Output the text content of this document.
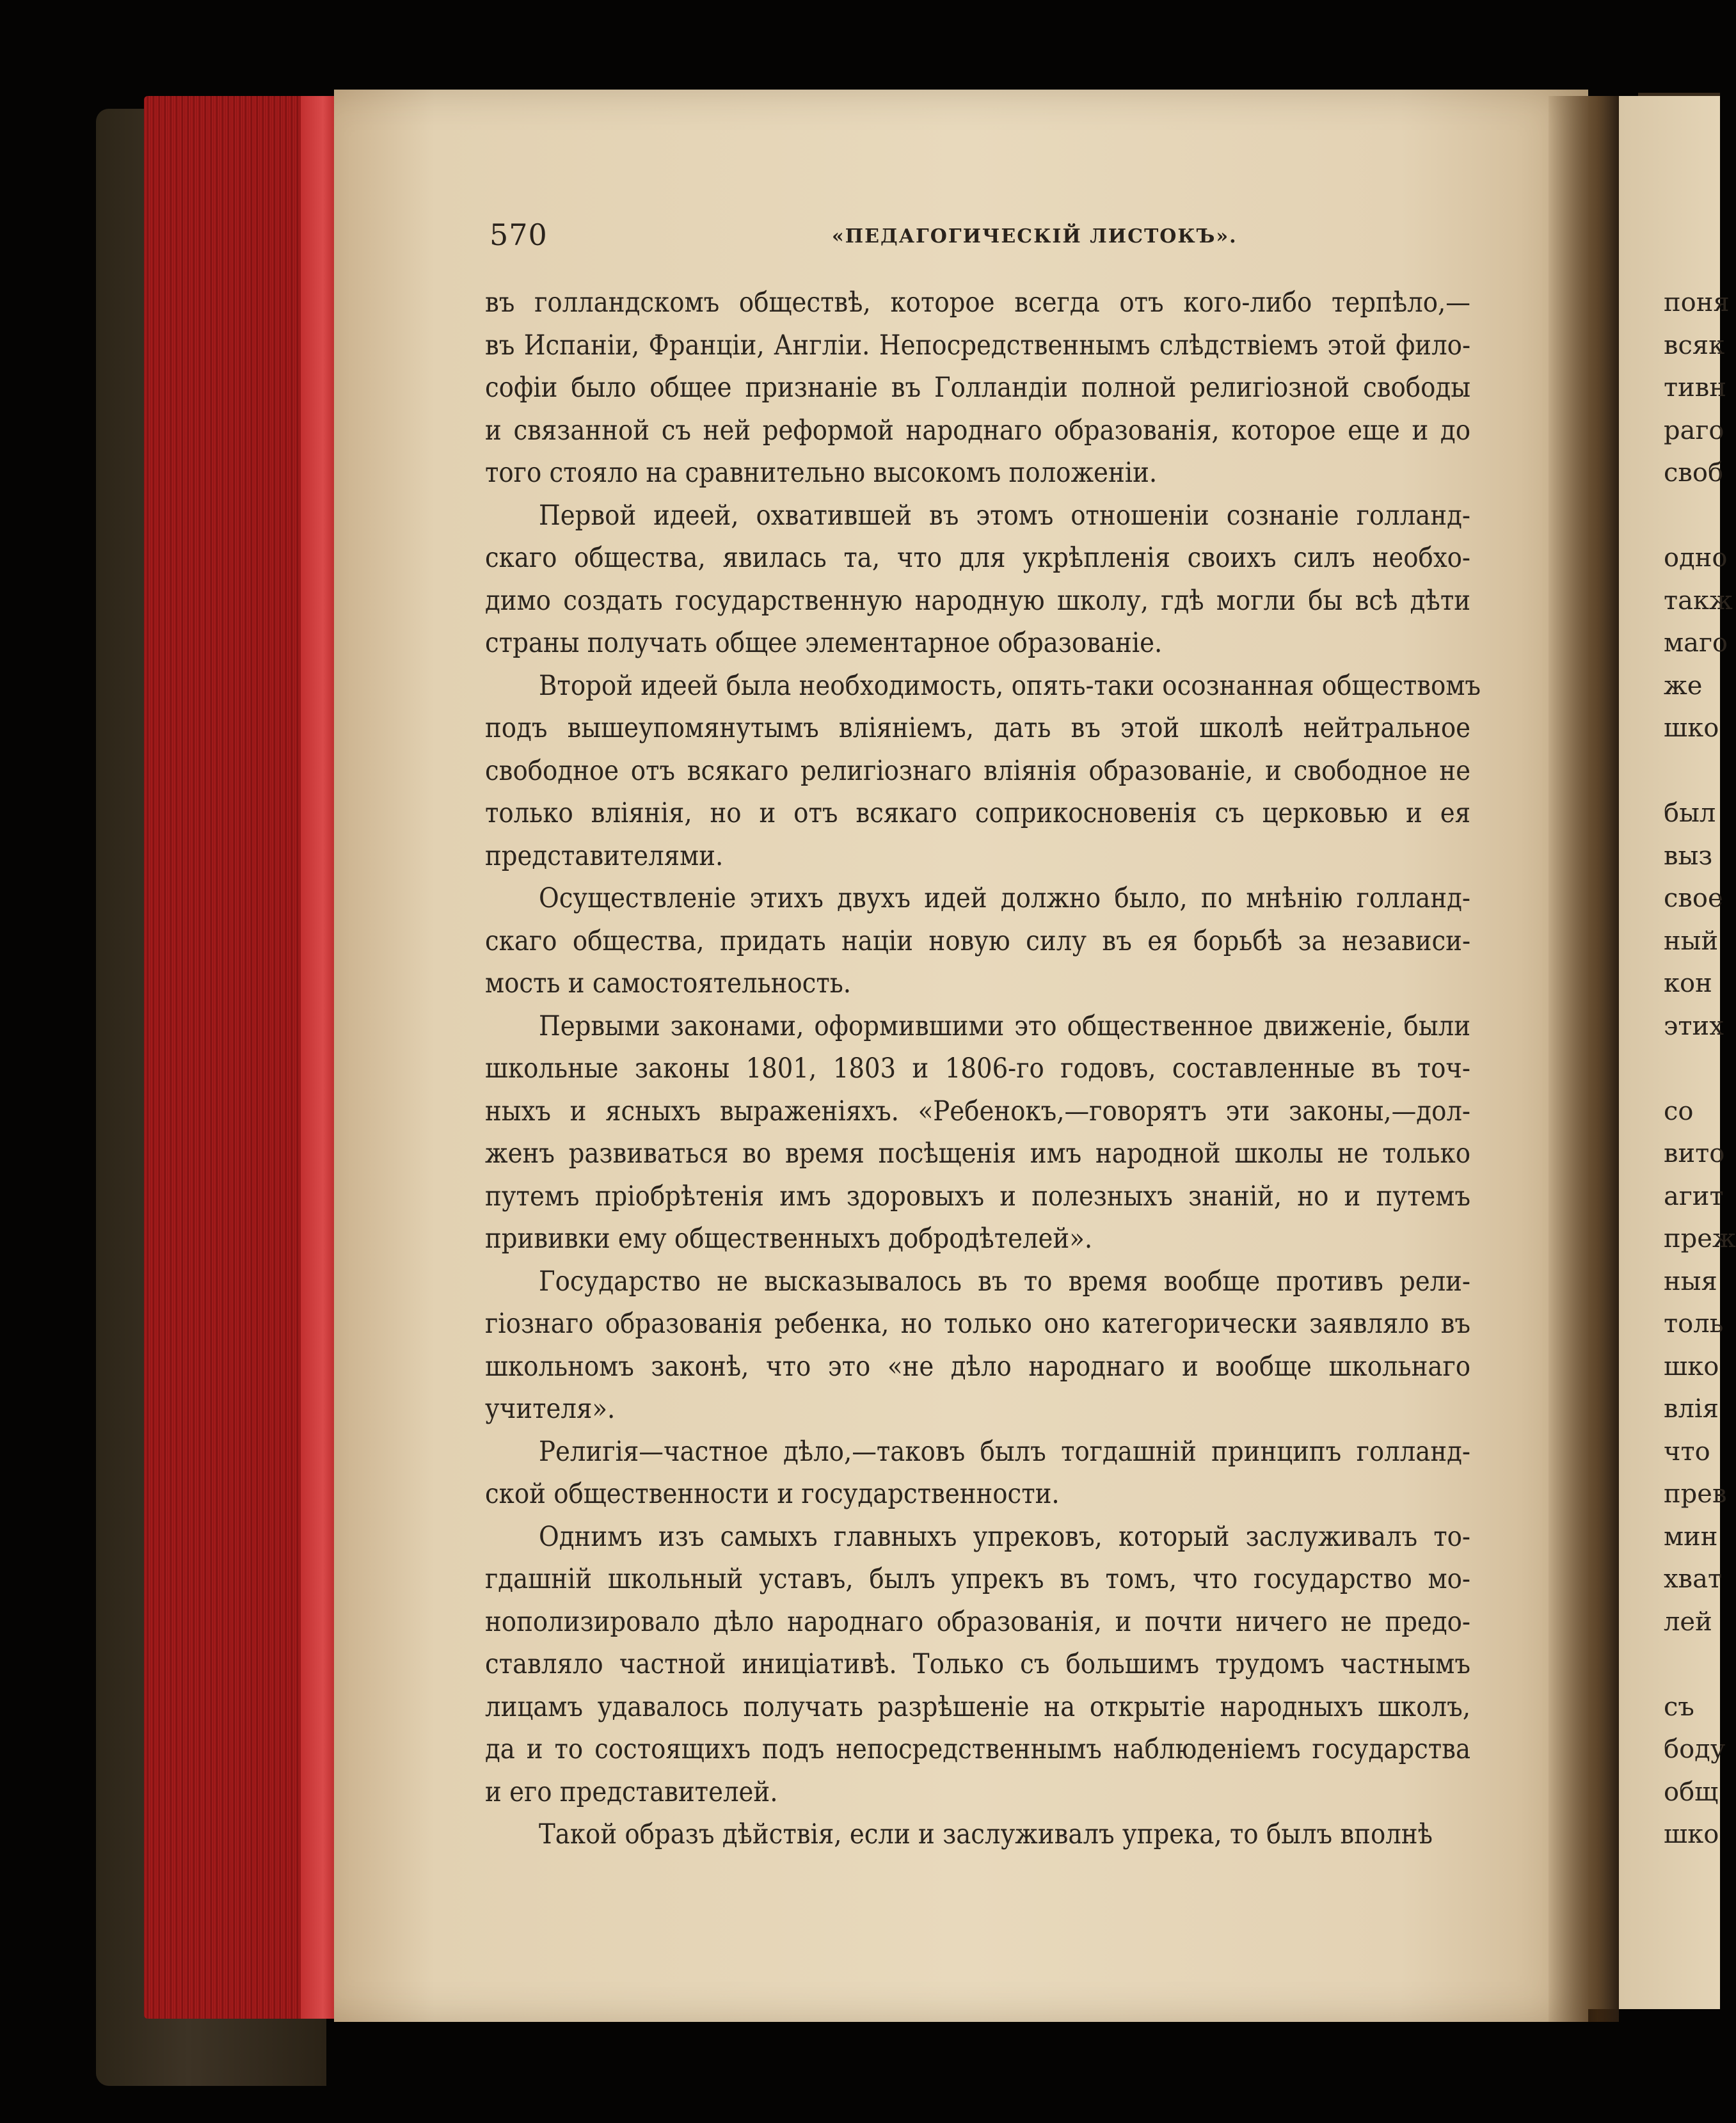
570	«ПЕДАГОГИЧЕСКІЙ ЛИСТОКЪ».
въ голландскомъ обществѣ, которое всегда отъ кого-либо терпѣло,—
въ Испаніи, Франціи, Англіи. Непосредственнымъ слѣдствіемъ этой фило-
софіи было общее признаніе въ Голландіи полной религіозной свободы
и связанной съ ней реформой народнаго образованія, которое еще и до
того стояло на сравнительно высокомъ положеніи.
Первой идеей, охватившей въ этомъ отношеніи сознаніе голланд-
скаго общества, явилась та, что для укрѣпленія своихъ силъ необхо-
димо создать государственную народную школу, гдѣ могли бы всѣ дѣти
страны получать общее элементарное образованіе.
Второй идеей была необходимость, опять-таки осознанная обществомъ
подъ вышеупомянутымъ вліяніемъ, дать въ этой школѣ нейтральное
свободное отъ всякаго религіознаго вліянія образованіе, и свободное не
только вліянія, но и отъ всякаго соприкосновенія съ церковью и ея
представителями.
Осуществленіе этихъ двухъ идей должно было, по мнѣнію голланд-
скаго общества, придать націи новую силу въ ея борьбѣ за независи-
мость и самостоятельность.
Первыми законами, оформившими это общественное движеніе, были
школьные законы 1801, 1803 и 1806-го годовъ, составленные въ точ-
ныхъ и ясныхъ выраженіяхъ. «Ребенокъ,—говорятъ эти законы,—дол-
женъ развиваться во время посѣщенія имъ народной школы не только
путемъ пріобрѣтенія имъ здоровыхъ и полезныхъ знаній, но и путемъ
прививки ему общественныхъ добродѣтелей».
Государство не высказывалось въ то время вообще противъ рели-
гіознаго образованія ребенка, но только оно категорически заявляло въ
школьномъ законѣ, что это «не дѣло народнаго и вообще школьнаго
учителя».
Религія—частное дѣло,—таковъ былъ тогдашній принципъ голланд-
ской общественности и государственности.
Однимъ изъ самыхъ главныхъ упрековъ, который заслуживалъ то-
гдашній школьный уставъ, былъ упрекъ въ томъ, что государство мо-
нополизировало дѣло народнаго образованія, и почти ничего не предо-
ставляло частной иниціативѣ. Только съ большимъ трудомъ частнымъ
лицамъ удавалось получать разрѣшеніе на открытіе народныхъ школъ,
да и то состоящихъ подъ непосредственнымъ наблюденіемъ государства
и его представителей.
Такой образъ дѣйствія, если и заслуживалъ упрека, то былъ вполнѣ
поня
всяк
тивн
раго
своб

одно
такж
маго
же
шко

был
выз
свое
ный
кон
этих

со
вито
агит
преж
ныя
толь
шко
влія
что
прев
мин
хват
лей

съ
боду
общ
шко
